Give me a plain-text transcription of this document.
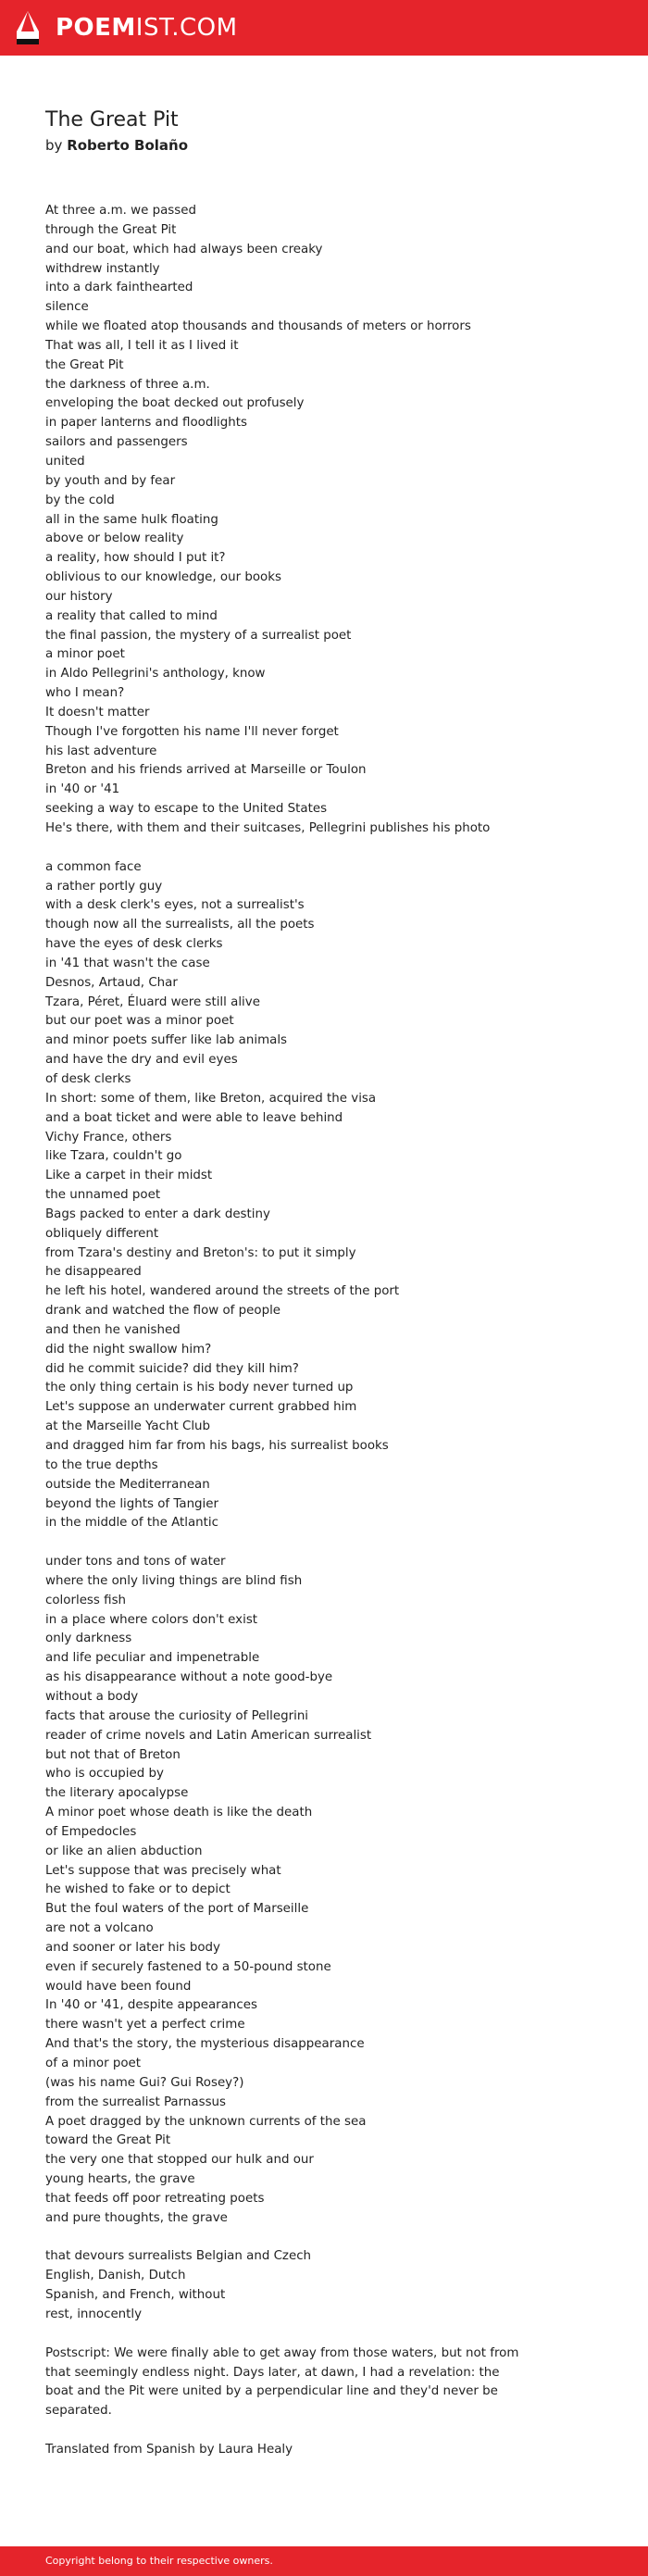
POEMIST.COM
The Great Pit
by Roberto Bolaño
At three a.m. we passed
through the Great Pit
and our boat, which had always been creaky
withdrew instantly
into a dark fainthearted
silence
while we floated atop thousands and thousands of meters or horrors
That was all, I tell it as I lived it
the Great Pit
the darkness of three a.m.
enveloping the boat decked out profusely
in paper lanterns and floodlights
sailors and passengers
united
by youth and by fear
by the cold
all in the same hulk floating
above or below reality
a reality, how should I put it?
oblivious to our knowledge, our books
our history
a reality that called to mind
the final passion, the mystery of a surrealist poet
a minor poet
in Aldo Pellegrini's anthology, know
who I mean?
It doesn't matter
Though I've forgotten his name I'll never forget
his last adventure
Breton and his friends arrived at Marseille or Toulon
in '40 or '41
seeking a way to escape to the United States
He's there, with them and their suitcases, Pellegrini publishes his photo
a common face
a rather portly guy
with a desk clerk's eyes, not a surrealist's
though now all the surrealists, all the poets
have the eyes of desk clerks
in '41 that wasn't the case
Desnos, Artaud, Char
Tzara, Péret, Éluard were still alive
but our poet was a minor poet
and minor poets suffer like lab animals
and have the dry and evil eyes
of desk clerks
In short: some of them, like Breton, acquired the visa
and a boat ticket and were able to leave behind
Vichy France, others
like Tzara, couldn't go
Like a carpet in their midst
the unnamed poet
Bags packed to enter a dark destiny
obliquely different
from Tzara's destiny and Breton's: to put it simply
he disappeared
he left his hotel, wandered around the streets of the port
drank and watched the flow of people
and then he vanished
did the night swallow him?
did he commit suicide? did they kill him?
the only thing certain is his body never turned up
Let's suppose an underwater current grabbed him
at the Marseille Yacht Club
and dragged him far from his bags, his surrealist books
to the true depths
outside the Mediterranean
beyond the lights of Tangier
in the middle of the Atlantic
under tons and tons of water
where the only living things are blind fish
colorless fish
in a place where colors don't exist
only darkness
and life peculiar and impenetrable
as his disappearance without a note good-bye
without a body
facts that arouse the curiosity of Pellegrini
reader of crime novels and Latin American surrealist
but not that of Breton
who is occupied by
the literary apocalypse
A minor poet whose death is like the death
of Empedocles
or like an alien abduction
Let's suppose that was precisely what
he wished to fake or to depict
But the foul waters of the port of Marseille
are not a volcano
and sooner or later his body
even if securely fastened to a 50-pound stone
would have been found
In '40 or '41, despite appearances
there wasn't yet a perfect crime
And that's the story, the mysterious disappearance
of a minor poet
(was his name Gui? Gui Rosey?)
from the surrealist Parnassus
A poet dragged by the unknown currents of the sea
toward the Great Pit
the very one that stopped our hulk and our
young hearts, the grave
that feeds off poor retreating poets
and pure thoughts, the grave
that devours surrealists Belgian and Czech
English, Danish, Dutch
Spanish, and French, without
rest, innocently
Postscript: We were finally able to get away from those waters, but not from that seemingly endless night. Days later, at dawn, I had a revelation: the boat and the Pit were united by a perpendicular line and they'd never be separated.
Translated from Spanish by Laura Healy
Copyright belong to their respective owners.
